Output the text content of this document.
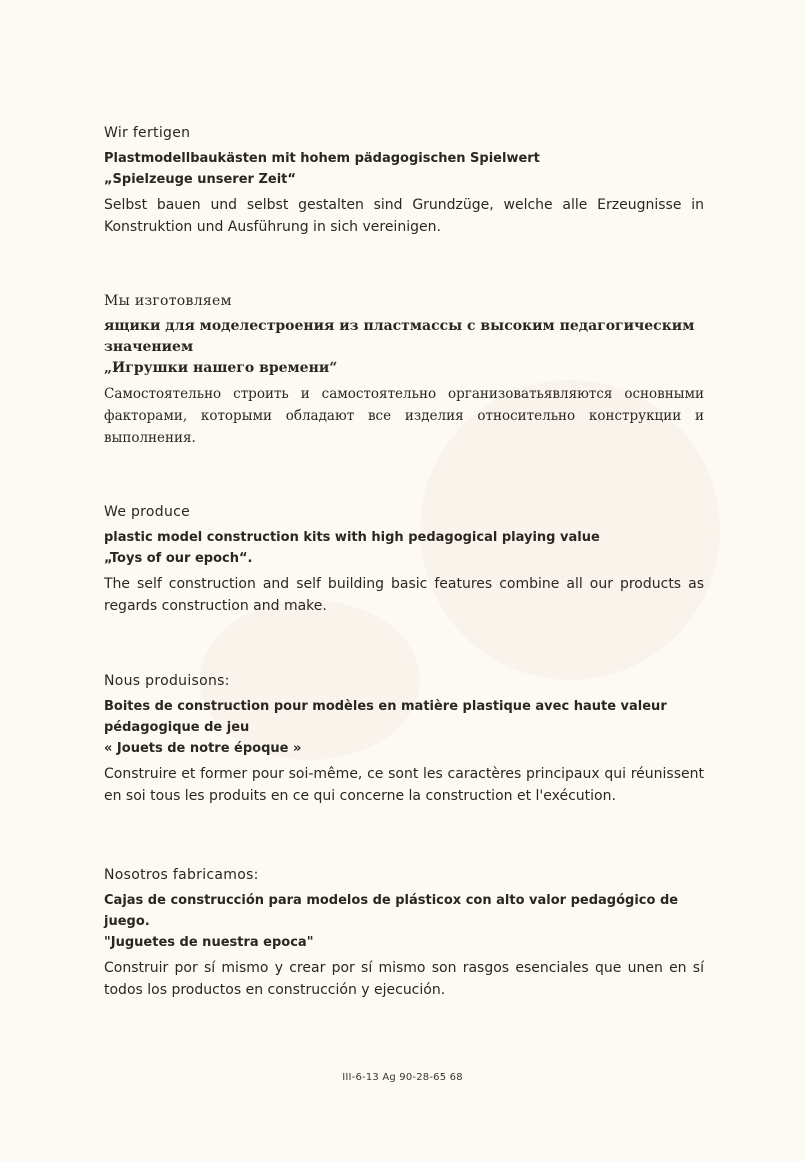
Wir fertigen

Plastmodellbaukästen mit hohem pädagogischen Spielwert

„Spielzeuge unserer Zeit“

Selbst bauen und selbst gestalten sind Grundzüge, welche alle Erzeugnisse in Konstruktion und Ausführung in sich vereinigen.

Мы изготовляем

ящики для моделестроения из пластмассы с высоким педагогическим значением

„Игрушки нашего времени“

Самостоятельно строить и самостоятельно организоватьявляются основными факторами, которыми обладают все изделия относительно конструкции и выполнения.

We produce

plastic model construction kits with high pedagogical playing value

„Toys of our epoch“.

The self construction and self building basic features combine all our products as regards construction and make.

Nous produisons:

Boites de construction pour modèles en matière plastique avec haute valeur pédagogique de jeu

« Jouets de notre époque »

Construire et former pour soi-même, ce sont les caractères principaux qui réunissent en soi tous les produits en ce qui concerne la construction et l'exécution.

Nosotros fabricamos:

Cajas de construcción para modelos de plásticox con alto valor pedagógico de juego.

"Juguetes de nuestra epoca"

Construir por sí mismo y crear por sí mismo son rasgos esenciales que unen en sí todos los productos en construcción y ejecución.

III-6-13 Ag 90-28-65 68
